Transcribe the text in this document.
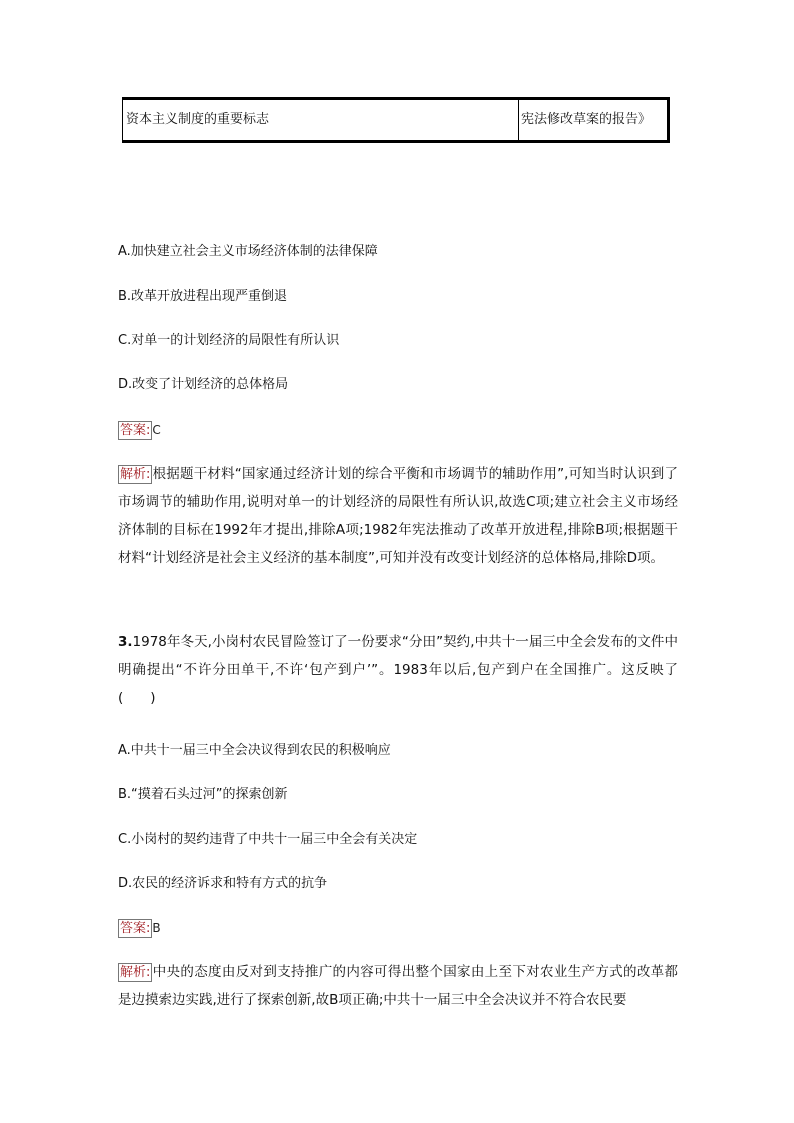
资本主义制度的重要标志	宪法修改草案的报告》
A.加快建立社会主义市场经济体制的法律保障
B.改革开放进程出现严重倒退
C.对单一的计划经济的局限性有所认识
D.改变了计划经济的总体格局
答案: C
解析: 根据题干材料“国家通过经济计划的综合平衡和市场调节的辅助作用”,可知当时认识到了市场调节的辅助作用,说明对单一的计划经济的局限性有所认识,故选C项;建立社会主义市场经济体制的目标在1992年才提出,排除A项;1982年宪法推动了改革开放进程,排除B项;根据题干材料“计划经济是社会主义经济的基本制度”,可知并没有改变计划经济的总体格局,排除D项。
3.1978年冬天,小岗村农民冒险签订了一份要求“分田”契约,中共十一届三中全会发布的文件中明确提出“不许分田单干,不许‘包产到户’”。1983年以后,包产到户在全国推广。这反映了(　　)
A.中共十一届三中全会决议得到农民的积极响应
B.“摸着石头过河”的探索创新
C.小岗村的契约违背了中共十一届三中全会有关决定
D.农民的经济诉求和特有方式的抗争
答案: B
解析: 中央的态度由反对到支持推广的内容可得出整个国家由上至下对农业生产方式的改革都是边摸索边实践,进行了探索创新,故B项正确;中共十一届三中全会决议并不符合农民要
